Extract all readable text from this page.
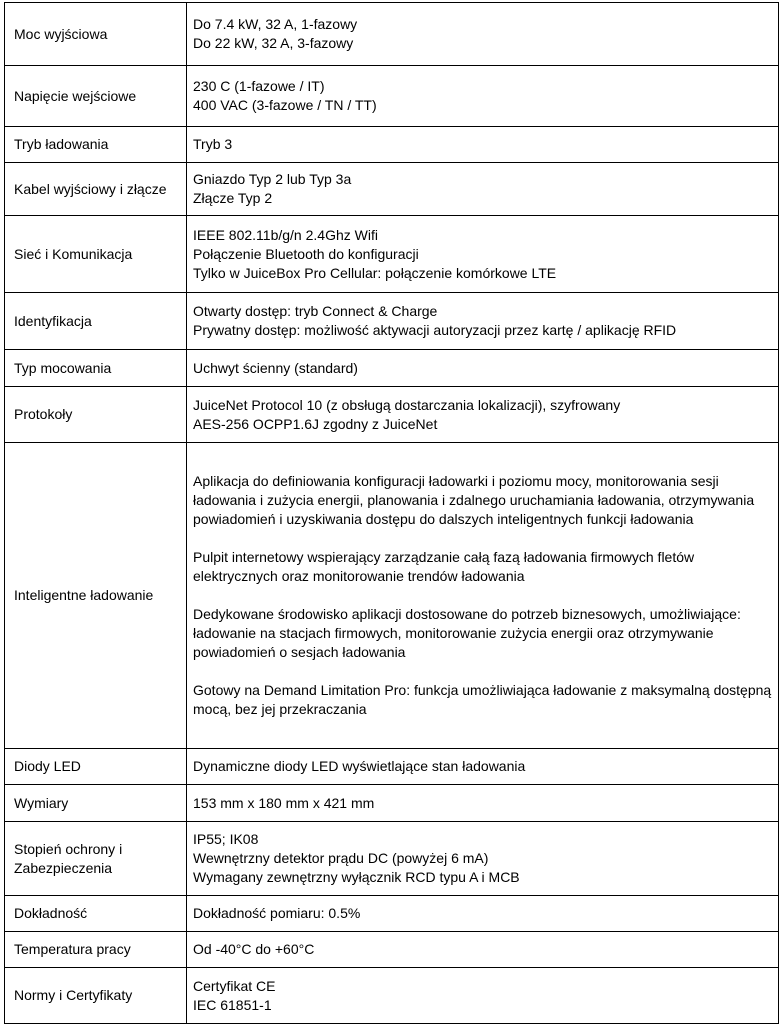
Moc wyjściowa	Do 7.4 kW, 32 A, 1-fazowy
Do 22 kW, 32 A, 3-fazowy

Napięcie wejściowe	230 C (1-fazowe / IT)
400 VAC (3-fazowe / TN / TT)

Tryb ładowania	Tryb 3

Kabel wyjściowy i złącze	Gniazdo Typ 2 lub Typ 3a
Złącze Typ 2

Sieć i Komunikacja	IEEE 802.11b/g/n 2.4Ghz Wifi
Połączenie Bluetooth do konfiguracji
Tylko w JuiceBox Pro Cellular: połączenie komórkowe LTE

Identyfikacja	Otwarty dostęp: tryb Connect & Charge
Prywatny dostęp: możliwość aktywacji autoryzacji przez kartę / aplikację RFID

Typ mocowania	Uchwyt ścienny (standard)

Protokoły	JuiceNet Protocol 10 (z obsługą dostarczania lokalizacji), szyfrowany
AES-256 OCPP1.6J zgodny z JuiceNet

Inteligentne ładowanie	Aplikacja do definiowania konfiguracji ładowarki i poziomu mocy, monitorowania sesji ładowania i zużycia energii, planowania i zdalnego uruchamiania ładowania, otrzymywania powiadomień i uzyskiwania dostępu do dalszych inteligentnych funkcji ładowania
Pulpit internetowy wspierający zarządzanie całą fazą ładowania firmowych fletów elektrycznych oraz monitorowanie trendów ładowania
Dedykowane środowisko aplikacji dostosowane do potrzeb biznesowych, umożliwiające: ładowanie na stacjach firmowych, monitorowanie zużycia energii oraz otrzymywanie powiadomień o sesjach ładowania
Gotowy na Demand Limitation Pro: funkcja umożliwiająca ładowanie z maksymalną dostępną mocą, bez jej przekraczania

Diody LED	Dynamiczne diody LED wyświetlające stan ładowania

Wymiary	153 mm x 180 mm x 421 mm

Stopień ochrony i Zabezpieczenia	IP55; IK08
Wewnętrzny detektor prądu DC (powyżej 6 mA)
Wymagany zewnętrzny wyłącznik RCD typu A i MCB

Dokładność	Dokładność pomiaru: 0.5%

Temperatura pracy	Od -40°C do +60°C

Normy i Certyfikaty	Certyfikat CE
IEC 61851-1
